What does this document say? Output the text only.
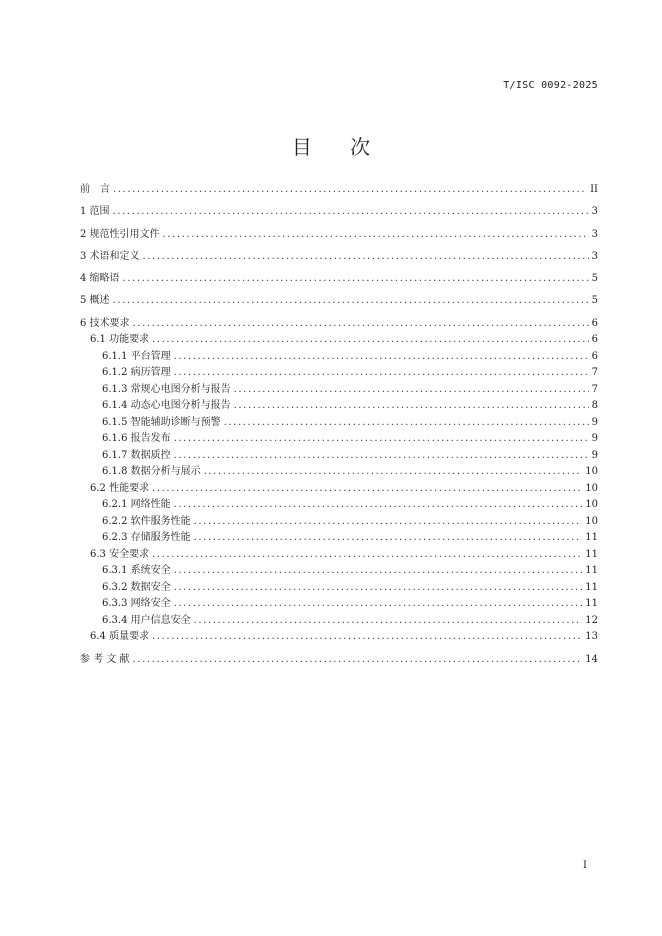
T/ISC 0092-2025
目 次
前　言 .....	II
1 范围 .....	3
2 规范性引用文件 .....	3
3 术语和定义 .....	3
4 缩略语 .....	5
5 概述 .....	5
6 技术要求 .....	6
6.1 功能要求 .....	6
6.1.1 平台管理 .....	6
6.1.2 病历管理 .....	7
6.1.3 常规心电图分析与报告 .....	7
6.1.4 动态心电图分析与报告 .....	8
6.1.5 智能辅助诊断与预警 .....	9
6.1.6 报告发布 .....	9
6.1.7 数据质控 .....	9
6.1.8 数据分析与展示 .....	10
6.2 性能要求 .....	10
6.2.1 网络性能 .....	10
6.2.2 软件服务性能 .....	10
6.2.3 存储服务性能 .....	11
6.3 安全要求 .....	11
6.3.1 系统安全 .....	11
6.3.2 数据安全 .....	11
6.3.3 网络安全 .....	11
6.3.4 用户信息安全 .....	12
6.4 质量要求 .....	13
参 考 文 献 .....	14
I
